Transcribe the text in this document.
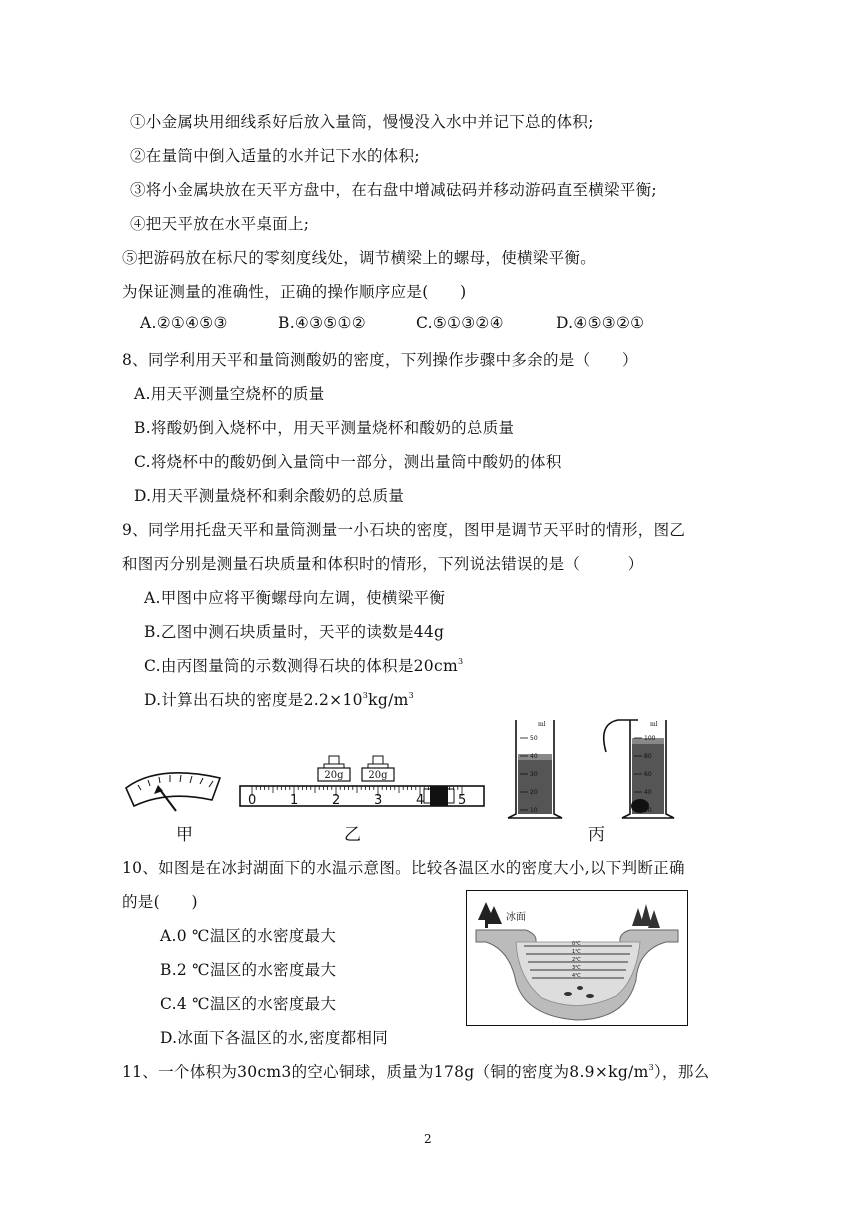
①小金属块用细线系好后放入量筒，慢慢没入水中并记下总的体积;
②在量筒中倒入适量的水并记下水的体积;
③将小金属块放在天平方盘中，在右盘中增减砝码并移动游码直至横梁平衡;
④把天平放在水平桌面上;
⑤把游码放在标尺的零刻度线处，调节横梁上的螺母，使横梁平衡。
为保证测量的准确性，正确的操作顺序应是(　　)
A.②①④⑤③	B.④③⑤①②	C.⑤①③②④	D.④⑤③②①
8、同学利用天平和量筒测酸奶的密度，下列操作步骤中多余的是（　　）
A.用天平测量空烧杯的质量
B.将酸奶倒入烧杯中，用天平测量烧杯和酸奶的总质量
C.将烧杯中的酸奶倒入量筒中一部分，测出量筒中酸奶的体积
D.用天平测量烧杯和剩余酸奶的总质量
9、同学用托盘天平和量筒测量一小石块的密度，图甲是调节天平时的情形，图乙
和图丙分别是测量石块质量和体积时的情形，下列说法错误的是（　　　）
A.甲图中应将平衡螺母向左调，使横梁平衡
B.乙图中测石块质量时，天平的读数是44g
C.由丙图量筒的示数测得石块的体积是$20cm^3$
D.计算出石块的密度是$2.2\times 10^3kg/m^3$
甲
20g 20g
0	1	2	3	4	5
乙
ml
50
40
30
20
10
ml
100
80
60
40
20
丙
10、如图是在冰封湖面下的水温示意图。比较各温区水的密度大小,以下判断正确
的是(　　)
A.0 ℃温区的水密度最大
B.2 ℃温区的水密度最大
C.4 ℃温区的水密度最大
D.冰面下各温区的水,密度都相同
冰面
0℃
1℃
2℃
3℃
4℃
11、一个体积为30cm3的空心铜球，质量为178g（铜的密度为$8.9\times kg/m^3$），那么
2
